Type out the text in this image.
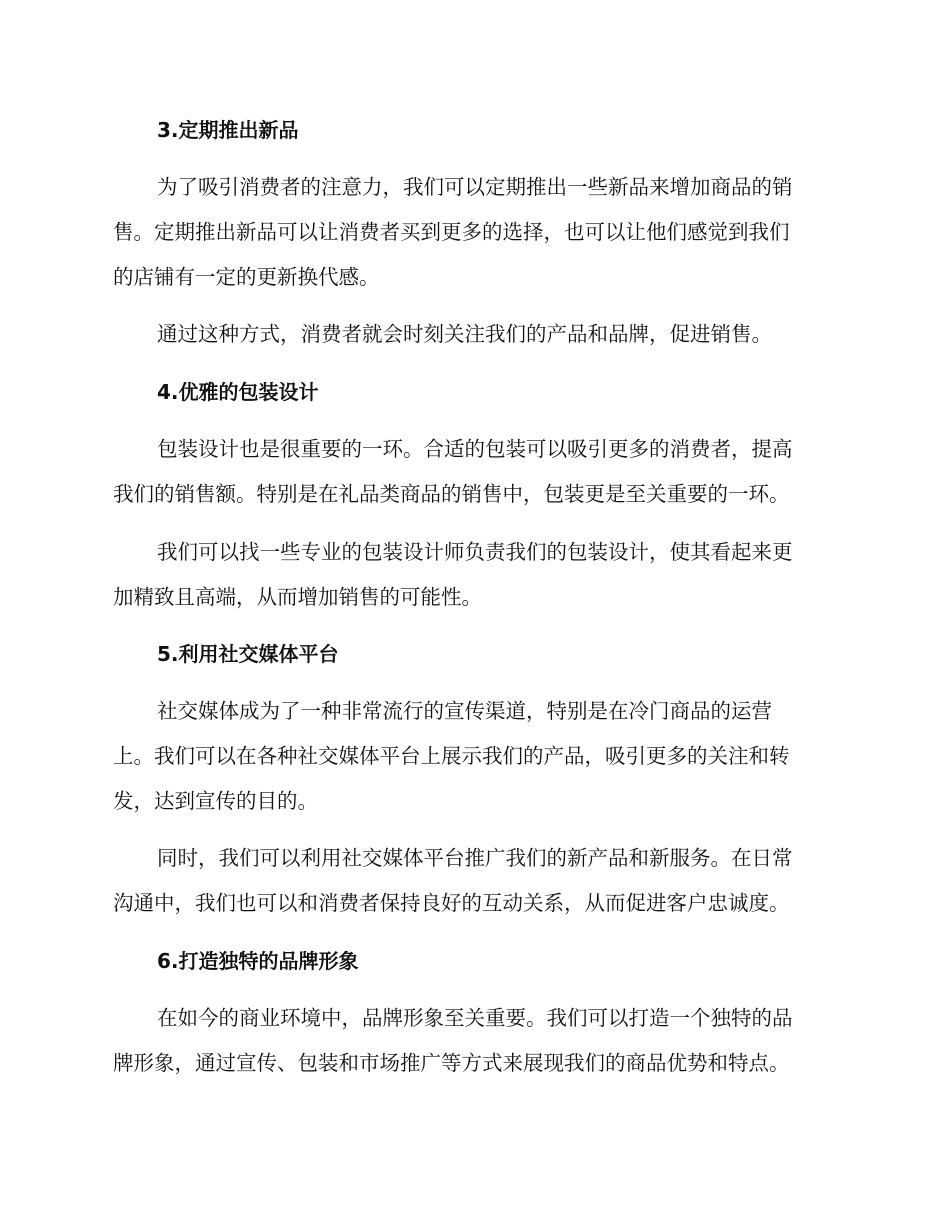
3.定期推出新品
为了吸引消费者的注意力，我们可以定期推出一些新品来增加商品的销
售。定期推出新品可以让消费者买到更多的选择，也可以让他们感觉到我们
的店铺有一定的更新换代感。
通过这种方式，消费者就会时刻关注我们的产品和品牌，促进销售。
4.优雅的包装设计
包装设计也是很重要的一环。合适的包装可以吸引更多的消费者，提高
我们的销售额。特别是在礼品类商品的销售中，包装更是至关重要的一环。
我们可以找一些专业的包装设计师负责我们的包装设计，使其看起来更
加精致且高端，从而增加销售的可能性。
5.利用社交媒体平台
社交媒体成为了一种非常流行的宣传渠道，特别是在冷门商品的运营
上。我们可以在各种社交媒体平台上展示我们的产品，吸引更多的关注和转
发，达到宣传的目的。
同时，我们可以利用社交媒体平台推广我们的新产品和新服务。在日常
沟通中，我们也可以和消费者保持良好的互动关系，从而促进客户忠诚度。
6.打造独特的品牌形象
在如今的商业环境中，品牌形象至关重要。我们可以打造一个独特的品
牌形象，通过宣传、包装和市场推广等方式来展现我们的商品优势和特点。
